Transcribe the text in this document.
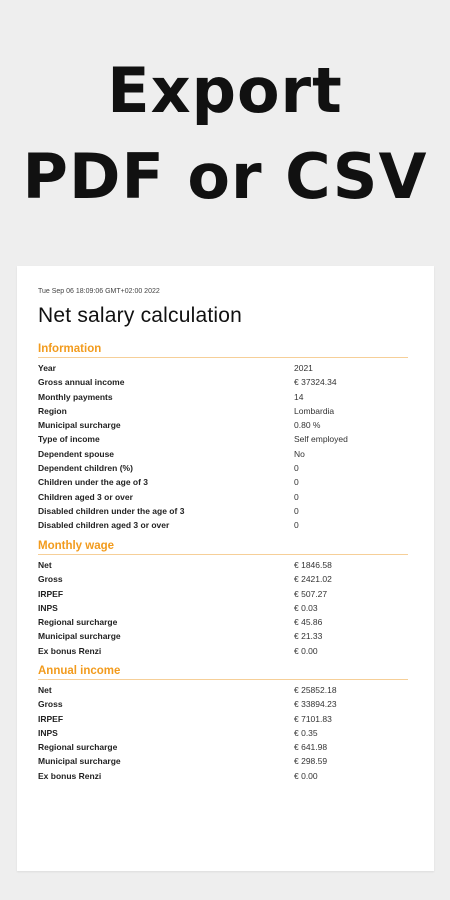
Export
PDF or CSV
Tue Sep 06 18:09:06 GMT+02:00 2022
Net salary calculation
Information
Year	2021
Gross annual income	€ 37324.34
Monthly payments	14
Region	Lombardia
Municipal surcharge	0.80 %
Type of income	Self employed
Dependent spouse	No
Dependent children (%)	0
Children under the age of 3	0
Children aged 3 or over	0
Disabled children under the age of 3	0
Disabled children aged 3 or over	0
Monthly wage
Net	€ 1846.58
Gross	€ 2421.02
IRPEF	€ 507.27
INPS	€ 0.03
Regional surcharge	€ 45.86
Municipal surcharge	€ 21.33
Ex bonus Renzi	€ 0.00
Annual income
Net	€ 25852.18
Gross	€ 33894.23
IRPEF	€ 7101.83
INPS	€ 0.35
Regional surcharge	€ 641.98
Municipal surcharge	€ 298.59
Ex bonus Renzi	€ 0.00
